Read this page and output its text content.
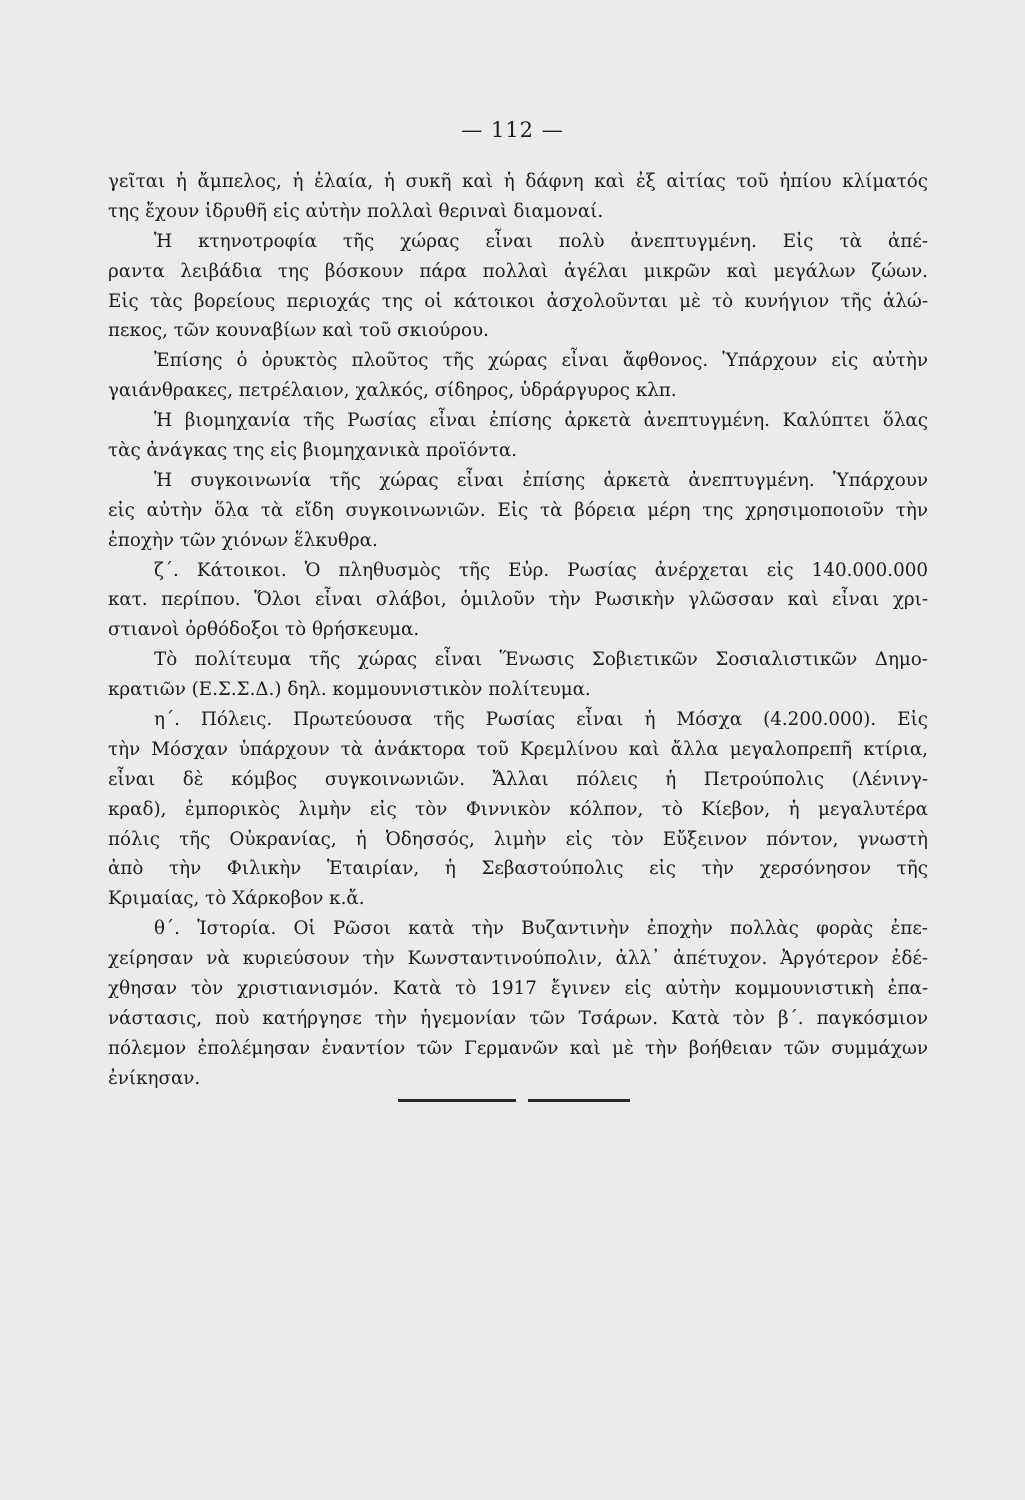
— 112 —
γεῖται ἡ ἄμπελος, ἡ ἐλαία, ἡ συκῆ καὶ ἡ δάφνη καὶ ἐξ αἰτίας τοῦ ἠπίου κλίματός
της ἔχουν ἱδρυθῆ εἰς αὐτὴν πολλαὶ θεριναὶ διαμοναί.
Ἡ κτηνοτροφία τῆς χώρας εἶναι πολὺ ἀνεπτυγμένη. Εἰς τὰ ἀπέ-
ραντα λειβάδια της βόσκουν πάρα πολλαὶ ἀγέλαι μικρῶν καὶ μεγάλων ζώων.
Εἰς τὰς βορείους περιοχάς της οἱ κάτοικοι ἀσχολοῦνται μὲ τὸ κυνήγιον τῆς ἀλώ-
πεκος, τῶν κουναβίων καὶ τοῦ σκιούρου.
Ἐπίσης ὁ ὀρυκτὸς πλοῦτος τῆς χώρας εἶναι ἄφθονος. Ὑπάρχουν εἰς αὐτὴν
γαιάνθρακες, πετρέλαιον, χαλκός, σίδηρος, ὑδράργυρος κλπ.
Ἡ βιομηχανία τῆς Ρωσίας εἶναι ἐπίσης ἀρκετὰ ἀνεπτυγμένη. Καλύπτει ὅλας
τὰς ἀνάγκας της εἰς βιομηχανικὰ προϊόντα.
Ἡ συγκοινωνία τῆς χώρας εἶναι ἐπίσης ἀρκετὰ ἀνεπτυγμένη. Ὑπάρχουν
εἰς αὐτὴν ὅλα τὰ εἴδη συγκοινωνιῶν. Εἰς τὰ βόρεια μέρη της χρησιμοποιοῦν τὴν
ἐποχὴν τῶν χιόνων ἕλκυθρα.
ζ΄. Κάτοικοι. Ὁ πληθυσμὸς τῆς Εὐρ. Ρωσίας ἀνέρχεται εἰς 140.000.000
κατ. περίπου. Ὅλοι εἶναι σλάβοι, ὁμιλοῦν τὴν Ρωσικὴν γλῶσσαν καὶ εἶναι χρι-
στιανοὶ ὀρθόδοξοι τὸ θρήσκευμα.
Τὸ πολίτευμα τῆς χώρας εἶναι Ἕνωσις Σοβιετικῶν Σοσιαλιστικῶν Δημο-
κρατιῶν (Ε.Σ.Σ.Δ.) δηλ. κομμουνιστικὸν πολίτευμα.
η΄. Πόλεις. Πρωτεύουσα τῆς Ρωσίας εἶναι ἡ Μόσχα (4.200.000). Εἰς
τὴν Μόσχαν ὑπάρχουν τὰ ἀνάκτορα τοῦ Κρεμλίνου καὶ ἄλλα μεγαλοπρεπῆ κτίρια,
εἶναι δὲ κόμβος συγκοινωνιῶν. Ἄλλαι πόλεις ἡ Πετρούπολις (Λένινγ-
κραδ), ἐμπορικὸς λιμὴν εἰς τὸν Φιννικὸν κόλπον, τὸ Κίεβον, ἡ μεγαλυτέρα
πόλις τῆς Οὐκρανίας, ἡ Ὀδησσός, λιμὴν εἰς τὸν Εὔξεινον πόντον, γνωστὴ
ἀπὸ τὴν Φιλικὴν Ἑταιρίαν, ἡ Σεβαστούπολις εἰς τὴν χερσόνησον τῆς
Κριμαίας, τὸ Χάρκοβον κ.ἄ.
θ΄. Ἱστορία. Οἱ Ρῶσοι κατὰ τὴν Βυζαντινὴν ἐποχὴν πολλὰς φορὰς ἐπε-
χείρησαν νὰ κυριεύσουν τὴν Κωνσταντινούπολιν, ἀλλ᾿ ἀπέτυχον. Ἀργότερον ἐδέ-
χθησαν τὸν χριστιανισμόν. Κατὰ τὸ 1917 ἔγινεν εἰς αὐτὴν κομμουνιστικὴ ἐπα-
νάστασις, ποὺ κατήργησε τὴν ἡγεμονίαν τῶν Τσάρων. Κατὰ τὸν β΄. παγκόσμιον
πόλεμον ἐπολέμησαν ἐναντίον τῶν Γερμανῶν καὶ μὲ τὴν βοήθειαν τῶν συμμάχων
ἐνίκησαν.
